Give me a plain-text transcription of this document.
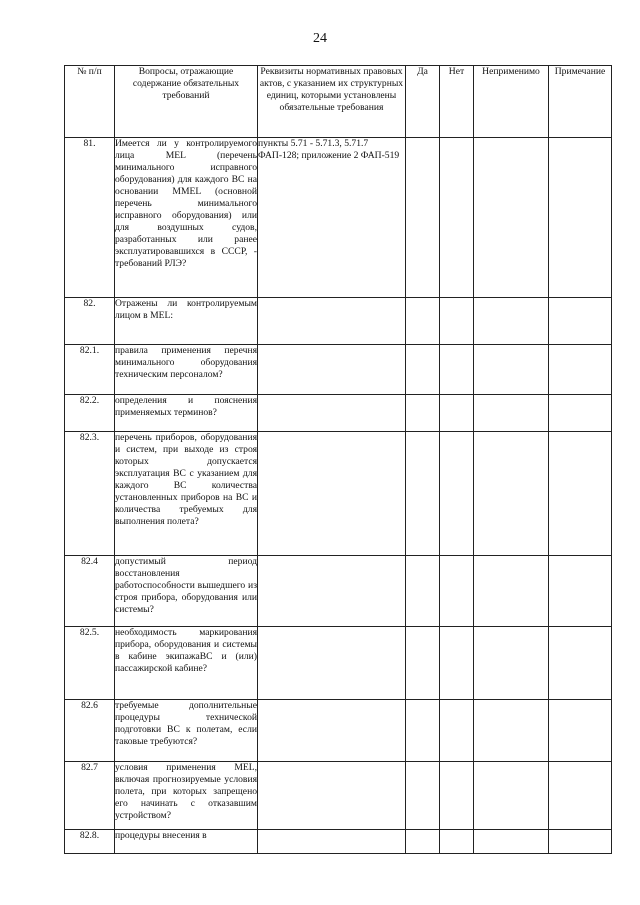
24
№ п/п	Вопросы, отражающие содержание обязательных требований	Реквизиты нормативных правовых актов, с указанием их структурных единиц, которыми установлены обязательные требования	Да	Нет	Неприменимо	Примечание
81.	Имеется ли у контролируемого лица MEL (перечень минимального исправного оборудования) для каждого ВС на основании MMEL (основной перечень минимального исправного оборудования) или для воздушных судов, разработанных или ранее эксплуатировавшихся в СССР, - требований РЛЭ?	пункты 5.71 - 5.71.3, 5.71.7 ФАП-128; приложение 2 ФАП-519				
82.	Отражены ли контролируемым лицом в MEL:					
82.1.	правила применения перечня минимального оборудования техническим персоналом?					
82.2.	определения и пояснения применяемых терминов?					
82.3.	перечень приборов, оборудования и систем, при выходе из строя которых допускается эксплуатация ВС с указанием для каждого ВС количества установленных приборов на ВС и количества требуемых для выполнения полета?					
82.4	допустимый период восстановления работоспособности вышедшего из строя прибора, оборудования или системы?					
82.5.	необходимость маркирования прибора, оборудования и системы в кабине экипажаВС и (или) пассажирской кабине?					
82.6	требуемые дополнительные процедуры технической подготовки ВС к полетам, если таковые требуются?					
82.7	условия применения MEL, включая прогнозируемые условия полета, при которых запрещено его начинать с отказавшим устройством?					
82.8.	процедуры внесения в					
